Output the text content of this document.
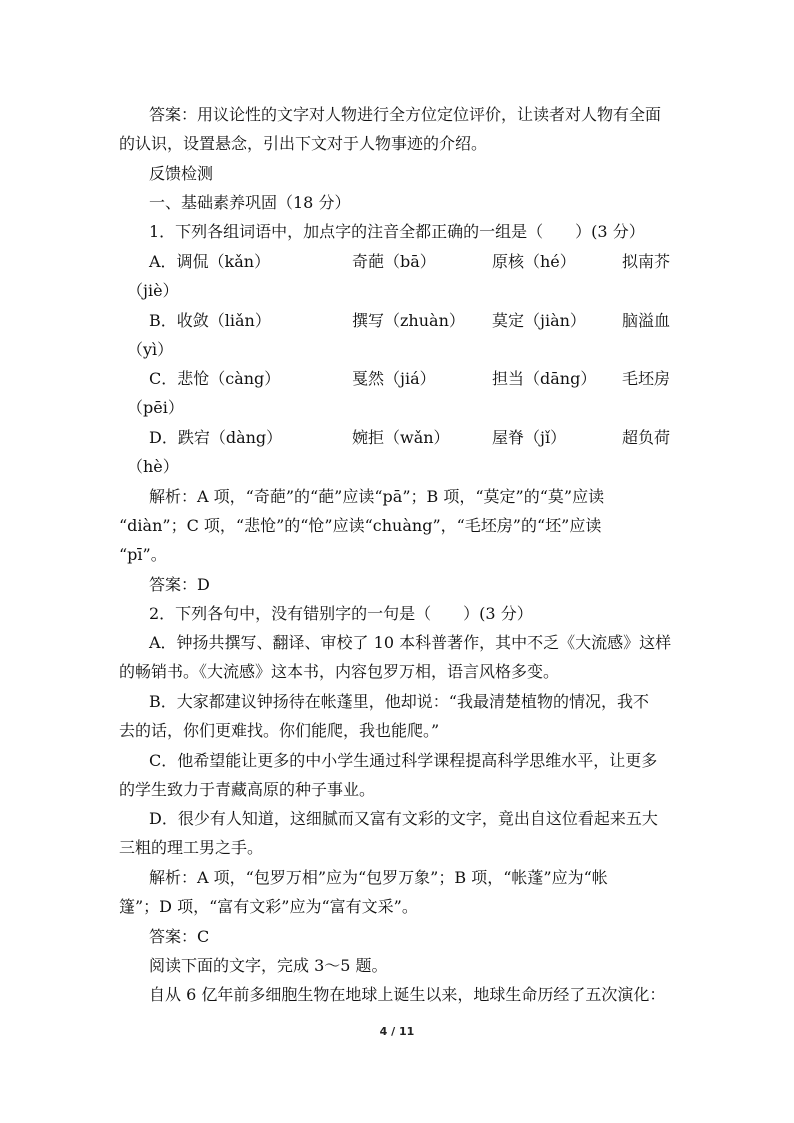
答案：用议论性的文字对人物进行全方位定位评价，让读者对人物有全面
的认识，设置悬念，引出下文对于人物事迹的介绍。
反馈检测
一、基础素养巩固（18 分）
1．下列各组词语中，加点字的注音全都正确的一组是（　　）(3 分）
A．调侃（kǎn）	奇葩（bā）	原核（hé）	拟南芥
（jiè）
B．收敛（liǎn）	撰写（zhuàn） 莫定（jiàn） 脑溢血
（yì）
C．悲怆（càng）	戛然（jiá）	担当（dāng） 毛坯房
（pēi）
D．跌宕（dàng）	婉拒（wǎn）	屋脊（jǐ）	超负荷
（hè）
解析：A 项，“奇葩”的“葩”应读“pā”；B 项，“莫定”的“莫”应读
“diàn”；C 项，“悲怆”的“怆”应读“chuàng”，“毛坯房”的“坯”应读
“pī”。
答案：D
2．下列各句中，没有错别字的一句是（　　）(3 分）
A．钟扬共撰写、翻译、审校了 10 本科普著作，其中不乏《大流感》这样
的畅销书。《大流感》这本书，内容包罗万相，语言风格多变。
B．大家都建议钟扬待在帐蓬里，他却说：“我最清楚植物的情况，我不
去的话，你们更难找。你们能爬，我也能爬。”
C．他希望能让更多的中小学生通过科学课程提高科学思维水平，让更多
的学生致力于青藏高原的种子事业。
D．很少有人知道，这细腻而又富有文彩的文字，竟出自这位看起来五大
三粗的理工男之手。
解析：A 项，“包罗万相”应为“包罗万象”；B 项，“帐蓬”应为“帐
篷”；D 项，“富有文彩”应为“富有文采”。
答案：C
阅读下面的文字，完成 3～5 题。
自从 6 亿年前多细胞生物在地球上诞生以来，地球生命历经了五次演化：
4 / 11
